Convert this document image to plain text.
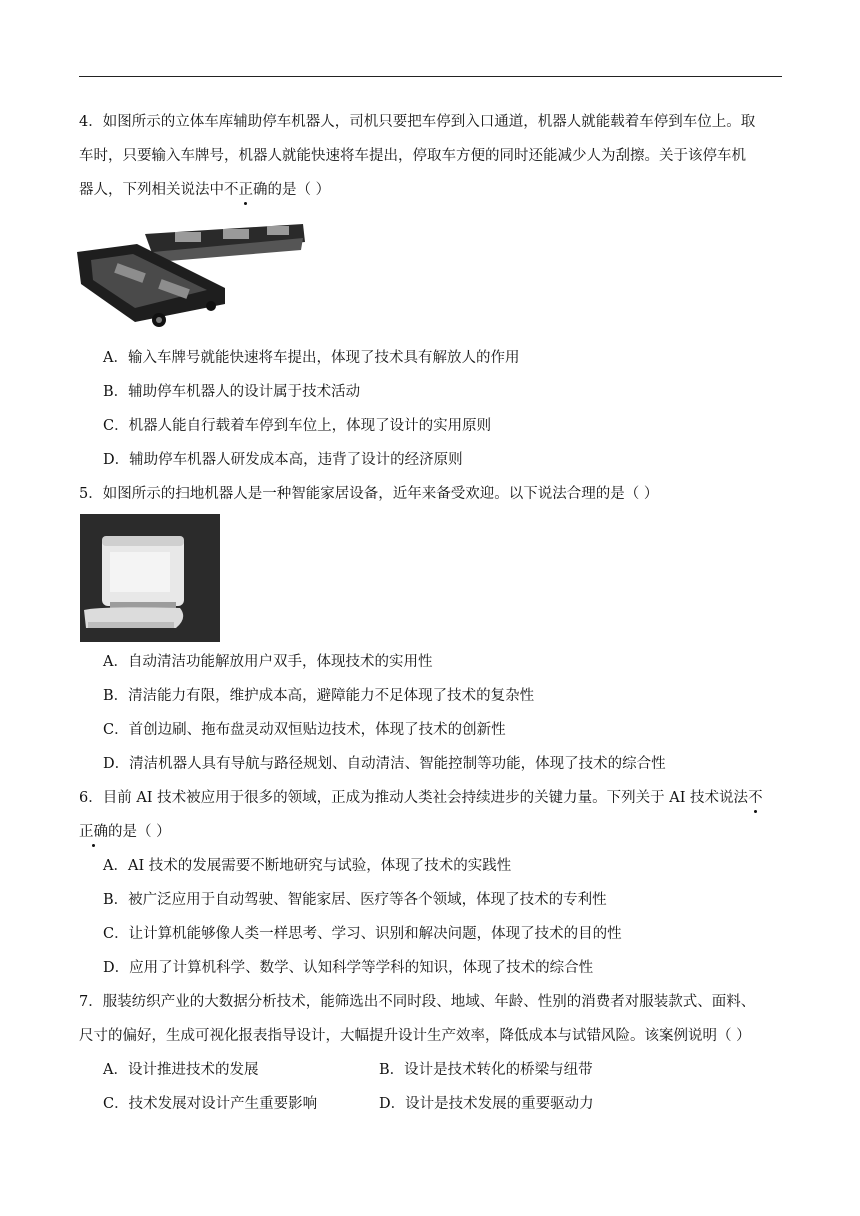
4．如图所示的立体车库辅助停车机器人，司机只要把车停到入口通道，机器人就能载着车停到车位上。取
车时，只要输入车牌号，机器人就能快速将车提出，停取车方便的同时还能减少人为刮擦。关于该停车机
器人，下列相关说法中不正确的是（ ）
A．输入车牌号就能快速将车提出，体现了技术具有解放人的作用
B．辅助停车机器人的设计属于技术活动
C．机器人能自行载着车停到车位上，体现了设计的实用原则
D．辅助停车机器人研发成本高，违背了设计的经济原则
5．如图所示的扫地机器人是一种智能家居设备，近年来备受欢迎。以下说法合理的是（ ）
A．自动清洁功能解放用户双手，体现技术的实用性
B．清洁能力有限，维护成本高，避障能力不足体现了技术的复杂性
C．首创边刷、拖布盘灵动双恒贴边技术，体现了技术的创新性
D．清洁机器人具有导航与路径规划、自动清洁、智能控制等功能，体现了技术的综合性
6．目前 AI 技术被应用于很多的领域，正成为推动人类社会持续进步的关键力量。下列关于 AI 技术说法不
正确的是（ ）
A．AI 技术的发展需要不断地研究与试验，体现了技术的实践性
B．被广泛应用于自动驾驶、智能家居、医疗等各个领域，体现了技术的专利性
C．让计算机能够像人类一样思考、学习、识别和解决问题，体现了技术的目的性
D．应用了计算机科学、数学、认知科学等学科的知识，体现了技术的综合性
7．服装纺织产业的大数据分析技术，能筛选出不同时段、地域、年龄、性别的消费者对服装款式、面料、
尺寸的偏好，生成可视化报表指导设计，大幅提升设计生产效率，降低成本与试错风险。该案例说明（ ）
A．设计推进技术的发展	B．设计是技术转化的桥梁与纽带
C．技术发展对设计产生重要影响	D．设计是技术发展的重要驱动力
